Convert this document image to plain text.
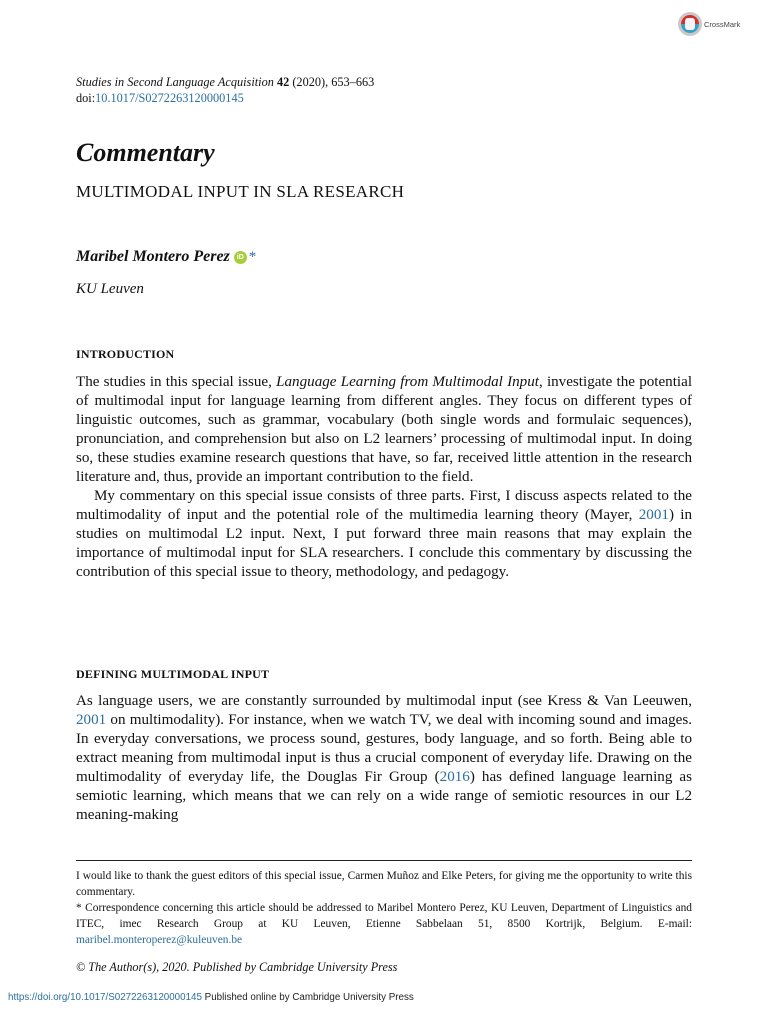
CrossMark
Studies in Second Language Acquisition 42 (2020), 653–663
doi:10.1017/S0272263120000145
Commentary
MULTIMODAL INPUT IN SLA RESEARCH
Maribel Montero Perez	iD *
KU Leuven
INTRODUCTION

The studies in this special issue, Language Learning from Multimodal Input, investigate the potential of multimodal input for language learning from different angles. They focus on different types of linguistic outcomes, such as grammar, vocabulary (both single words and formulaic sequences), pronunciation, and comprehension but also on L2 learners’ processing of multimodal input. In doing so, these studies examine research questions that have, so far, received little attention in the research literature and, thus, provide an important contribution to the field.

My commentary on this special issue consists of three parts. First, I discuss aspects related to the multimodality of input and the potential role of the multimedia learning theory (Mayer, 2001) in studies on multimodal L2 input. Next, I put forward three main reasons that may explain the importance of multimodal input for SLA researchers. I conclude this commentary by discussing the contribution of this special issue to theory, methodology, and pedagogy.

DEFINING MULTIMODAL INPUT

As language users, we are constantly surrounded by multimodal input (see Kress & Van Leeuwen, 2001 on multimodality). For instance, when we watch TV, we deal with incoming sound and images. In everyday conversations, we process sound, gestures, body language, and so forth. Being able to extract meaning from multimodal input is thus a crucial component of everyday life. Drawing on the multimodality of everyday life, the Douglas Fir Group (2016) has defined language learning as semiotic learning, which means that we can rely on a wide range of semiotic resources in our L2 meaning-making

I would like to thank the guest editors of this special issue, Carmen Muñoz and Elke Peters, for giving me the opportunity to write this commentary.

* Correspondence concerning this article should be addressed to Maribel Montero Perez, KU Leuven, Department of Linguistics and ITEC, imec Research Group at KU Leuven, Etienne Sabbelaan 51, 8500 Kortrijk, Belgium. E-mail: maribel.monteroperez@kuleuven.be

© The Author(s), 2020. Published by Cambridge University Press
https://doi.org/10.1017/S0272263120000145 Published online by Cambridge University Press
